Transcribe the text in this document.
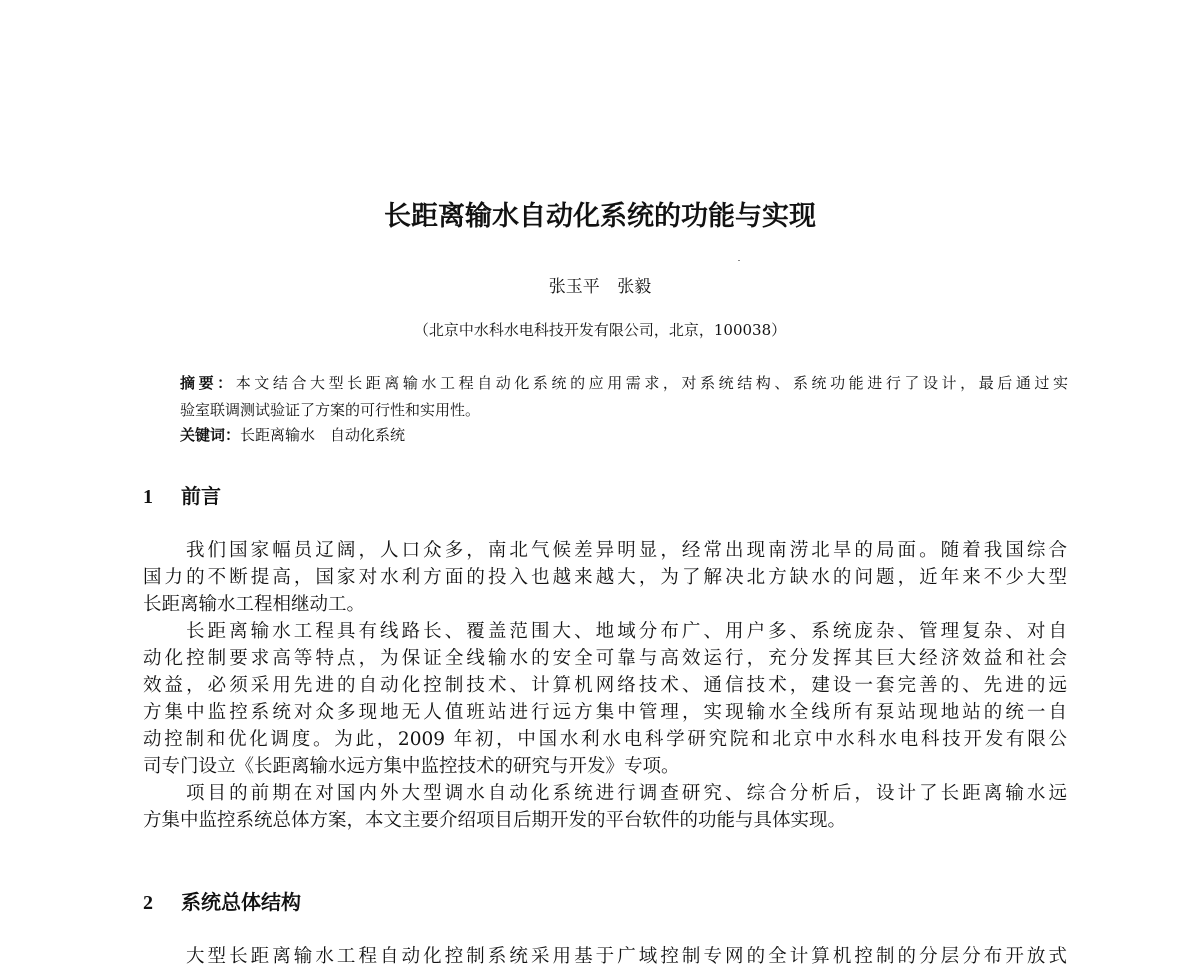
长距离输水自动化系统的功能与实现
张玉平 张毅
（北京中水科水电科技开发有限公司，北京，100038）
摘要：本文结合大型长距离输水工程自动化系统的应用需求，对系统结构、系统功能进行了设计，最后通过实
验室联调测试验证了方案的可行性和实用性。
关键词：长距离输水　自动化系统
1 前言
我们国家幅员辽阔，人口众多，南北气候差异明显，经常出现南涝北旱的局面。随着我国综合
国力的不断提高，国家对水利方面的投入也越来越大，为了解决北方缺水的问题，近年来不少大型
长距离输水工程相继动工。
长距离输水工程具有线路长、覆盖范围大、地域分布广、用户多、系统庞杂、管理复杂、对自
动化控制要求高等特点，为保证全线输水的安全可靠与高效运行，充分发挥其巨大经济效益和社会
效益，必须采用先进的自动化控制技术、计算机网络技术、通信技术，建设一套完善的、先进的远
方集中监控系统对众多现地无人值班站进行远方集中管理，实现输水全线所有泵站现地站的统一自
动控制和优化调度。为此，2009 年初，中国水利水电科学研究院和北京中水科水电科技开发有限公
司专门设立《长距离输水远方集中监控技术的研究与开发》专项。
项目的前期在对国内外大型调水自动化系统进行调查研究、综合分析后，设计了长距离输水远
方集中监控系统总体方案，本文主要介绍项目后期开发的平台软件的功能与具体实现。
2 系统总体结构
大型长距离输水工程自动化控制系统采用基于广域控制专网的全计算机控制的分层分布开放式
